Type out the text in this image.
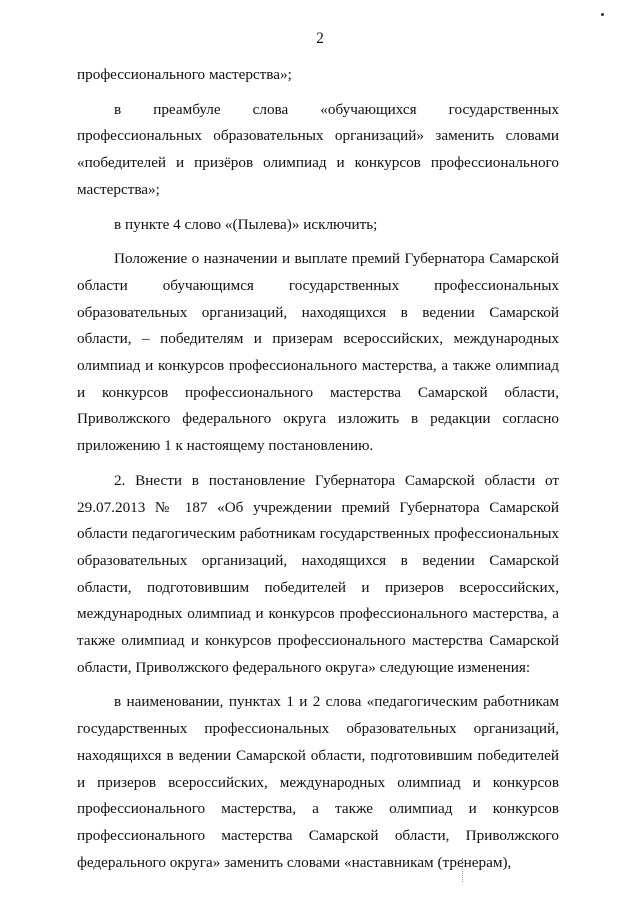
2

профессионального мастерства»;

в преамбуле слова «обучающихся государственных профессиональных образовательных организаций» заменить словами «победителей и призёров олимпиад и конкурсов профессионального мастерства»;

в пункте 4 слово «(Пылева)» исключить;

Положение о назначении и выплате премий Губернатора Самарской области обучающимся государственных профессиональных образовательных организаций, находящихся в ведении Самарской области, – победителям и призерам всероссийских, международных олимпиад и конкурсов профессионального мастерства, а также олимпиад и конкурсов профессионального мастерства Самарской области, Приволжского федерального округа изложить в редакции согласно приложению 1 к настоящему постановлению.

2. Внести в постановление Губернатора Самарской области от 29.07.2013 № 187 «Об учреждении премий Губернатора Самарской области педагогическим работникам государственных профессиональных образовательных организаций, находящихся в ведении Самарской области, подготовившим победителей и призеров всероссийских, международных олимпиад и конкурсов профессионального мастерства, а также олимпиад и конкурсов профессионального мастерства Самарской области, Приволжского федерального округа» следующие изменения:

в наименовании, пунктах 1 и 2 слова «педагогическим работникам государственных профессиональных образовательных организаций, находящихся в ведении Самарской области, подготовившим победителей и призеров всероссийских, международных олимпиад и конкурсов профессионального мастерства, а также олимпиад и конкурсов профессионального мастерства Самарской области, Приволжского федерального округа» заменить словами «наставникам (тренерам),
